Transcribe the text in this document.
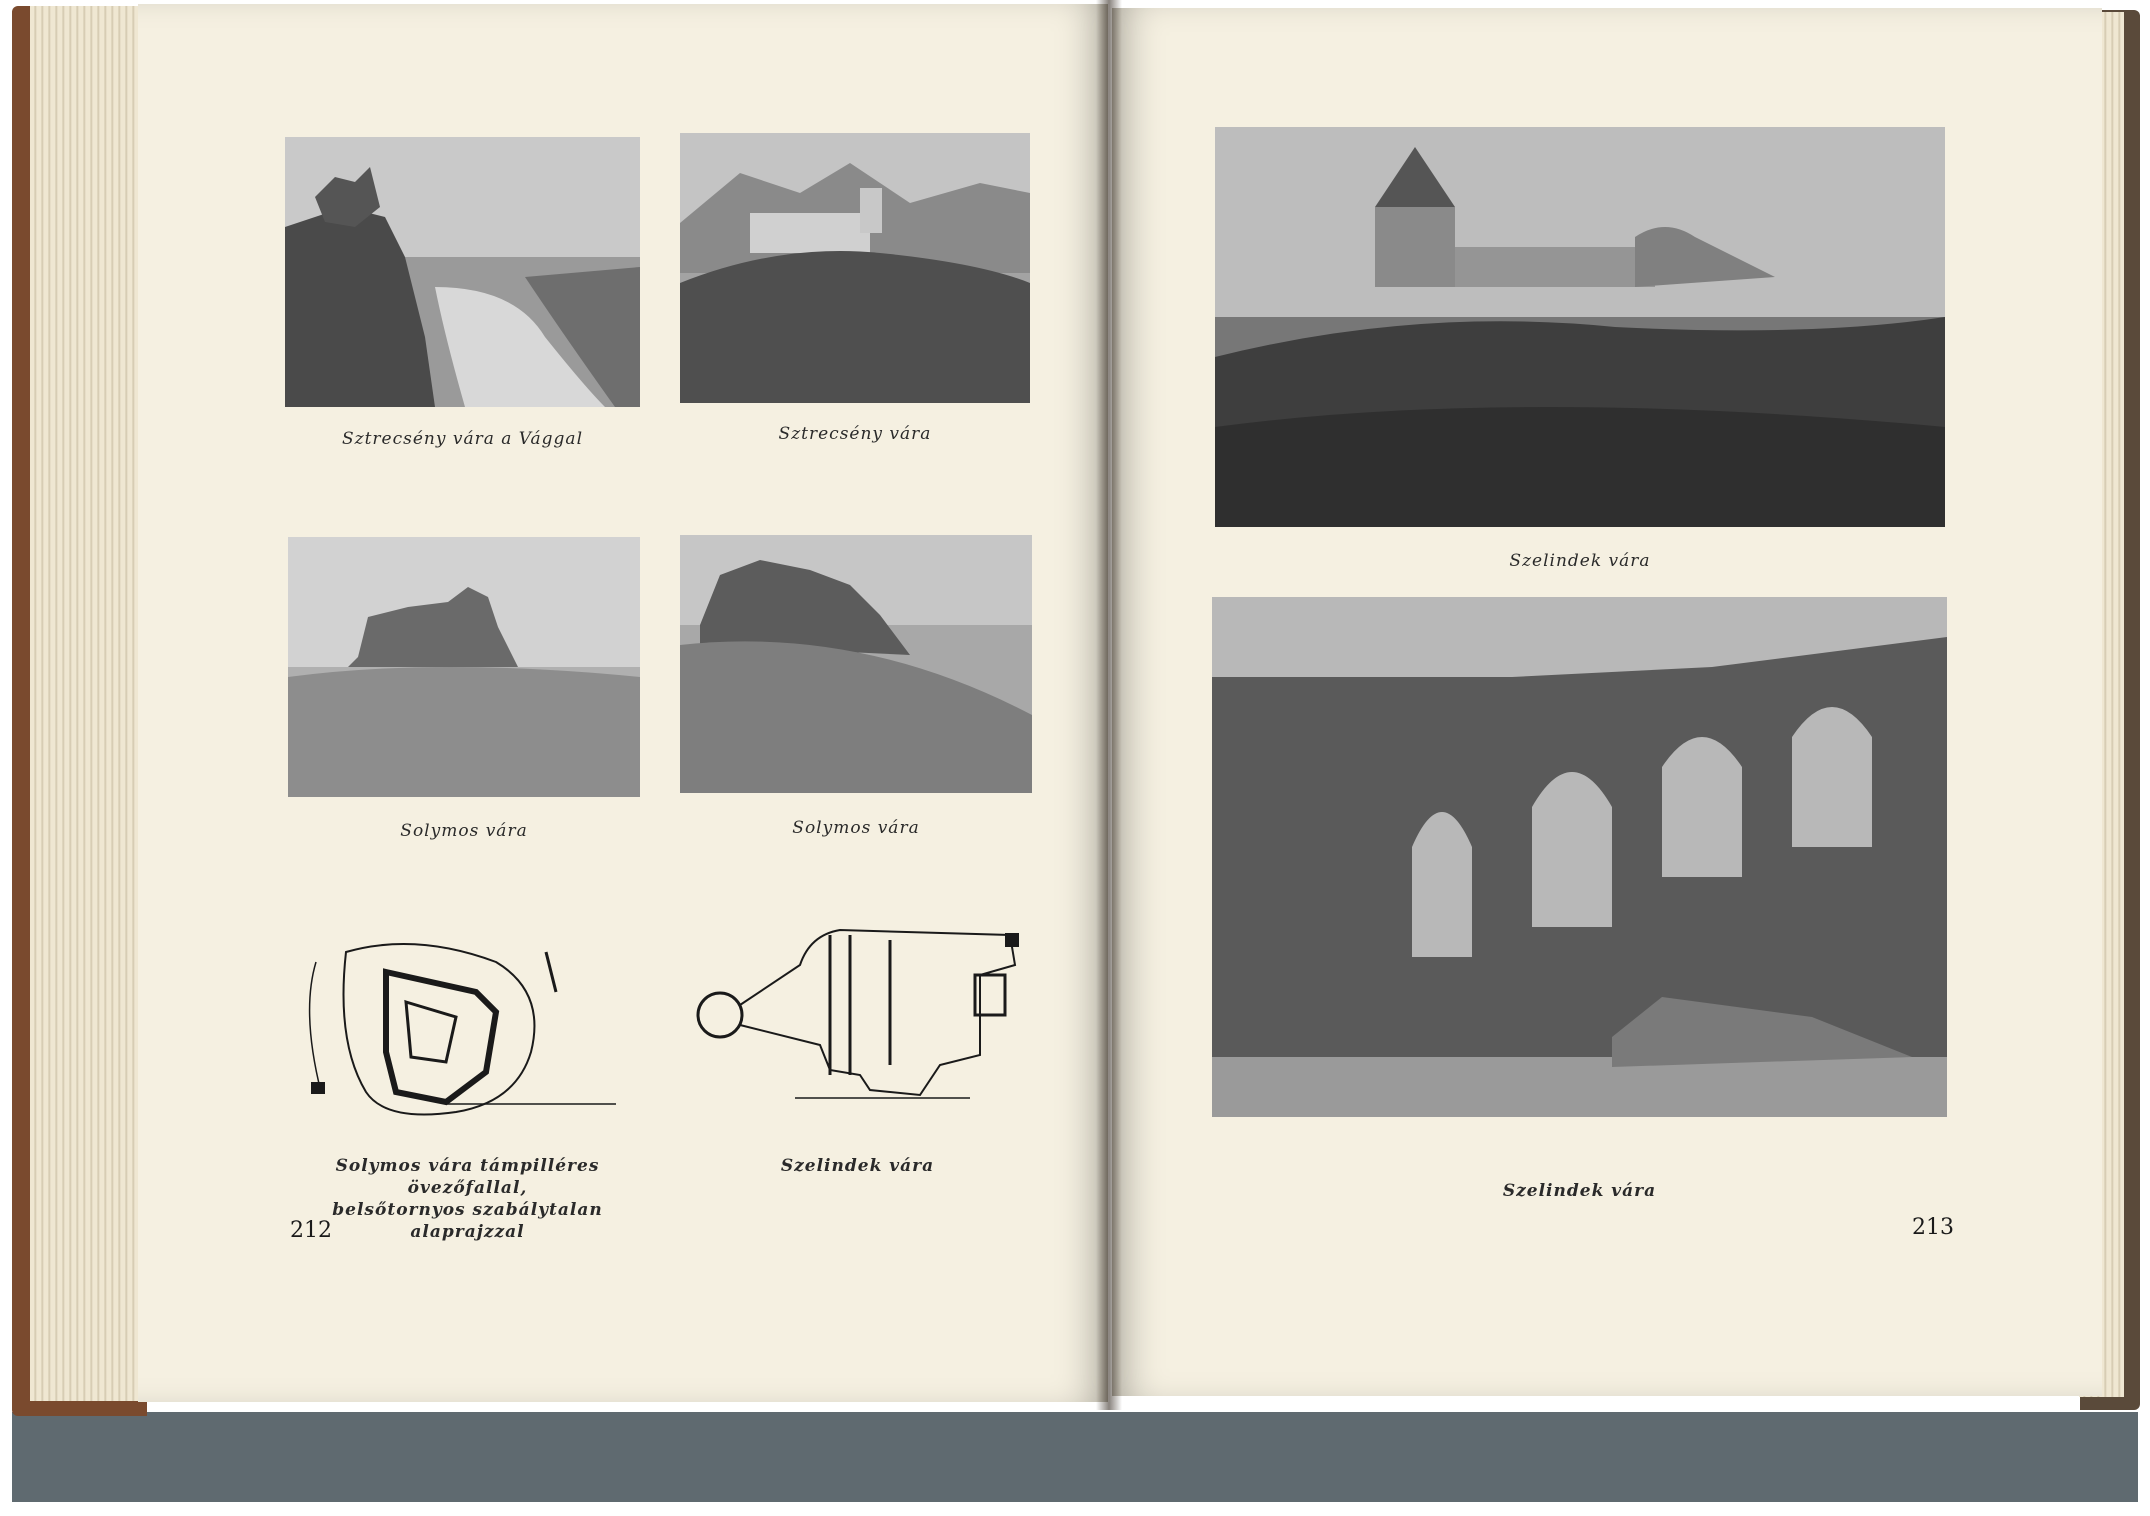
Sztrecsény vára a Vággal	Sztrecsény vára
Solymos vára	Solymos vára
Solymos vára támpilléres övezőfallal,
belsőtornyos szabálytalan alaprajzzal
Szelindek vára
212
Szelindek vára
Szelindek vára
213
